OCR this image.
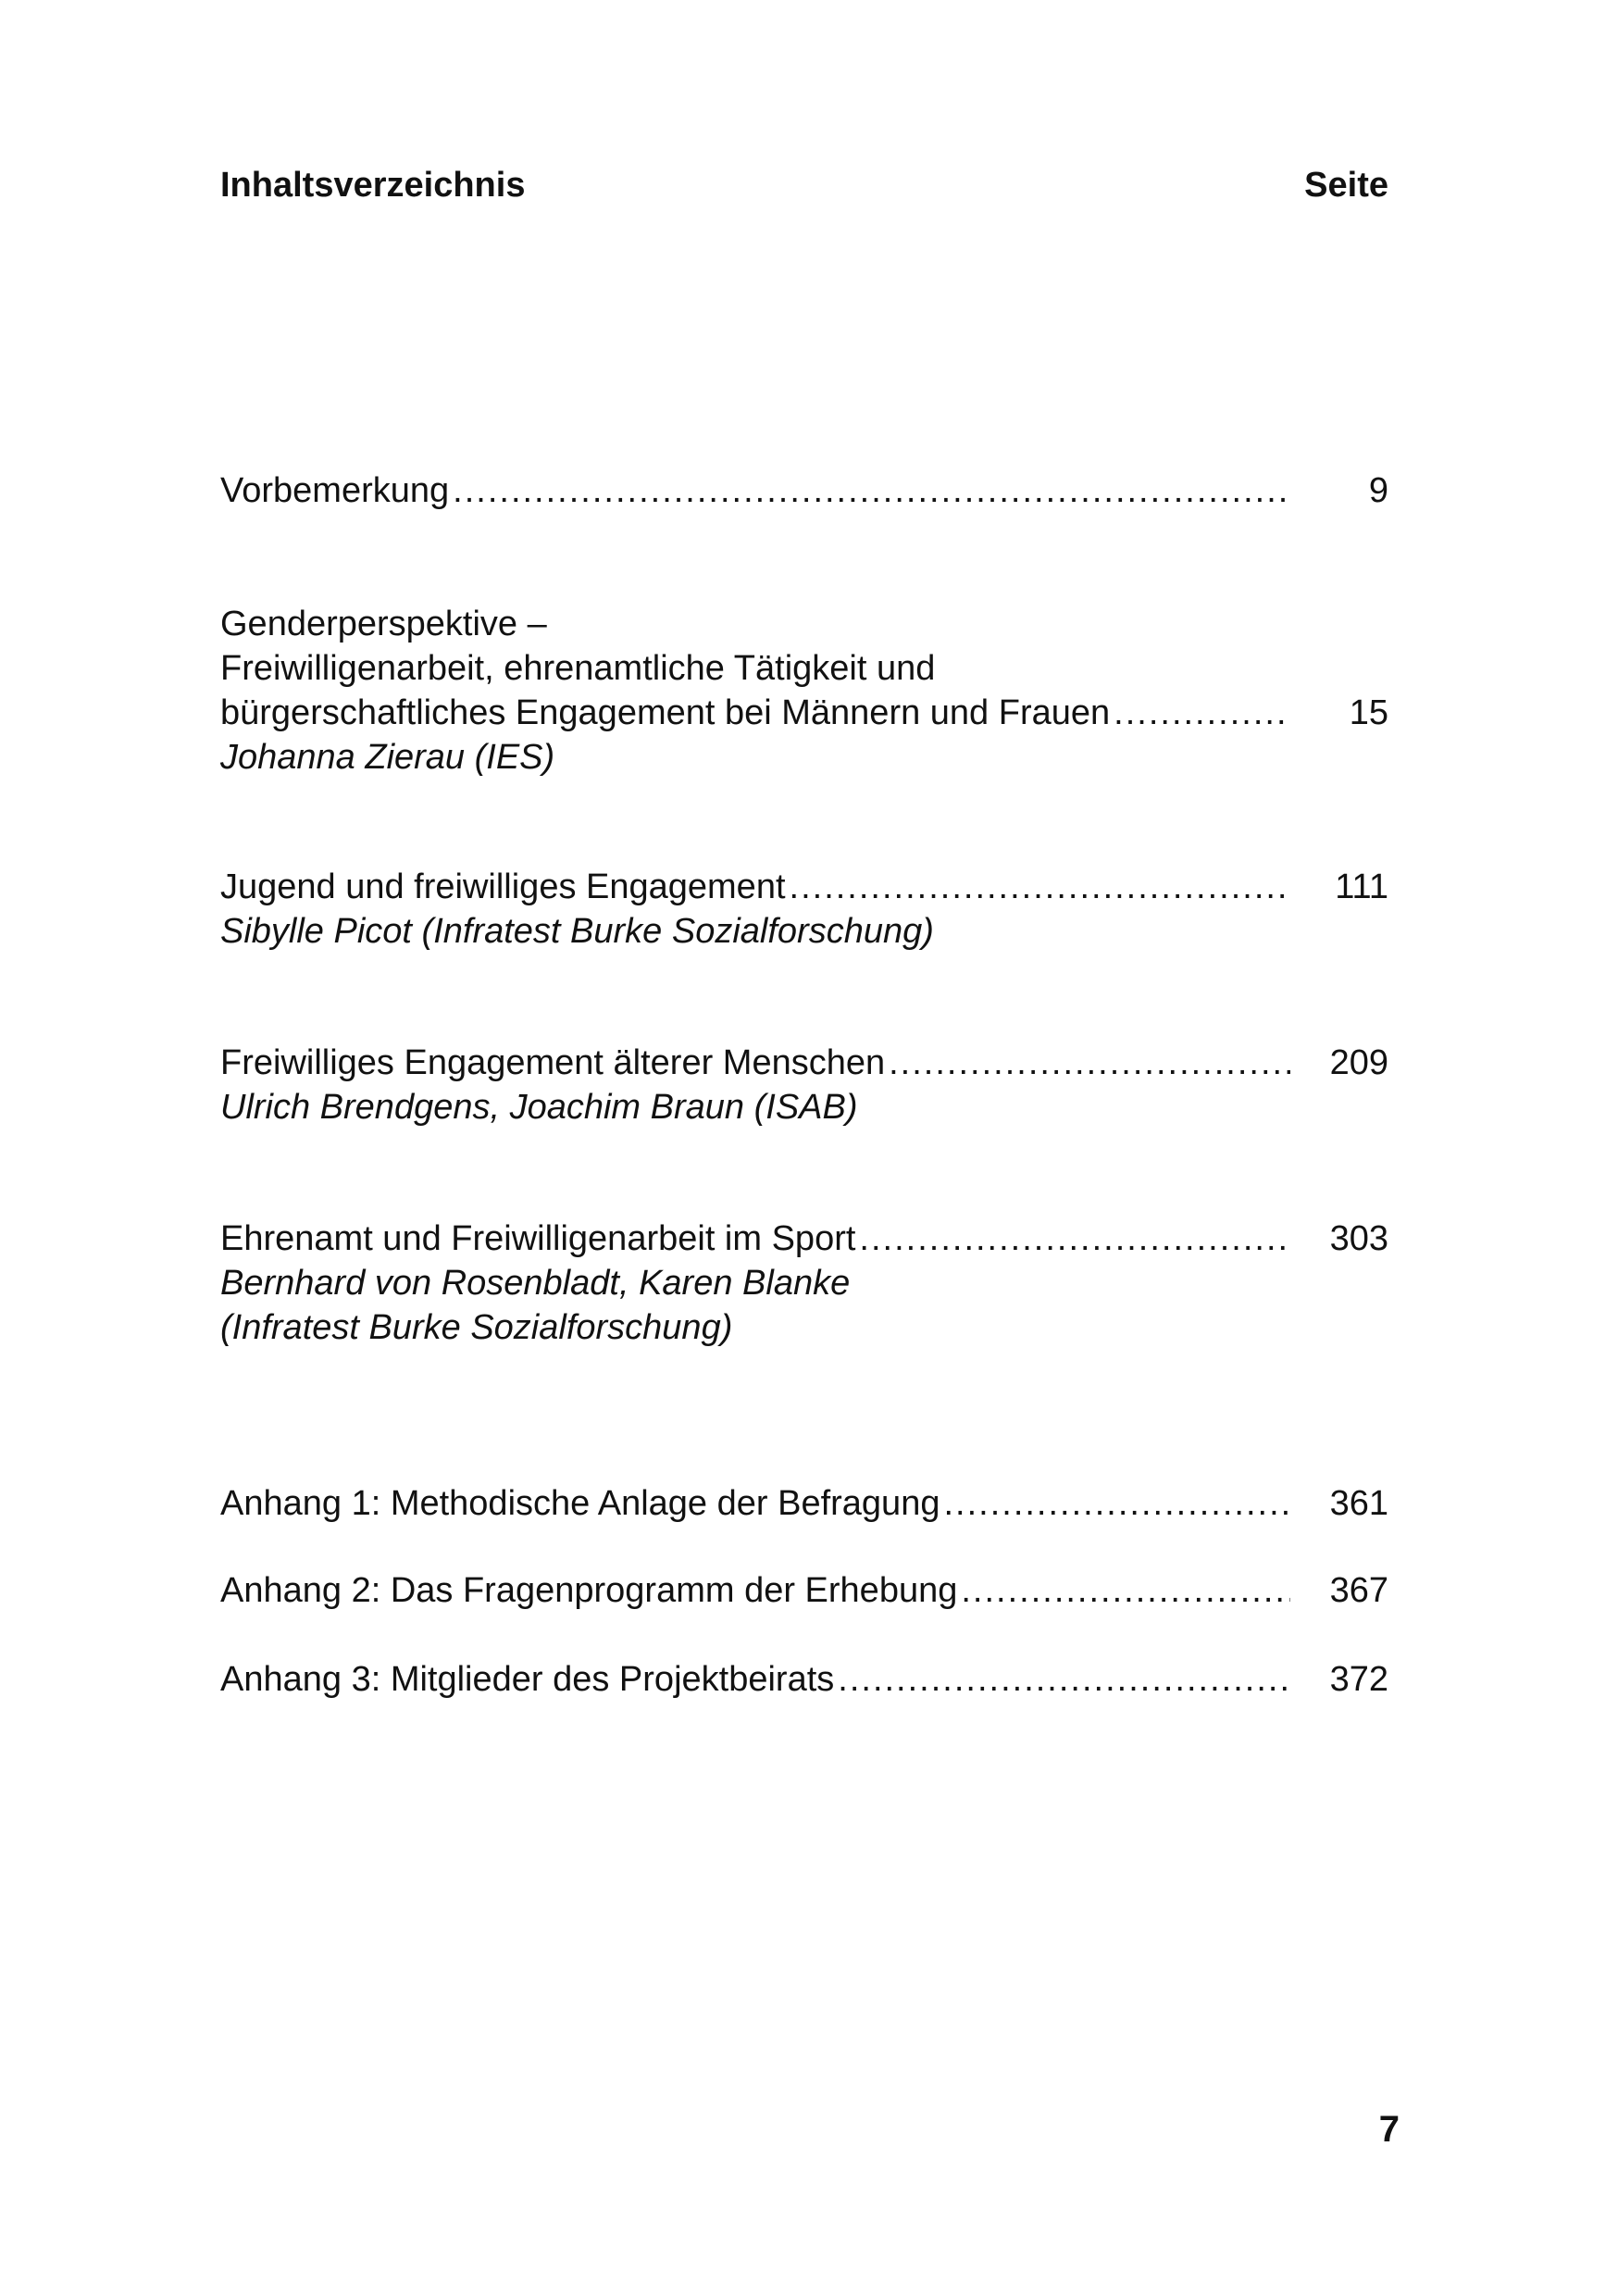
Inhaltsverzeichnis	Seite
Vorbemerkung .....	9
Genderperspektive –
Freiwilligenarbeit, ehrenamtliche Tätigkeit und
bürgerschaftliches Engagement bei Männern und Frauen .....	15
Johanna Zierau (IES)
Jugend und freiwilliges Engagement .....	111
Sibylle Picot (Infratest Burke Sozialforschung)
Freiwilliges Engagement älterer Menschen .....	209
Ulrich Brendgens, Joachim Braun (ISAB)
Ehrenamt und Freiwilligenarbeit im Sport .....	303
Bernhard von Rosenbladt, Karen Blanke
(Infratest Burke Sozialforschung)
Anhang 1: Methodische Anlage der Befragung .....	361
Anhang 2: Das Fragenprogramm der Erhebung .....	367
Anhang 3: Mitglieder des Projektbeirats .....	372
7
